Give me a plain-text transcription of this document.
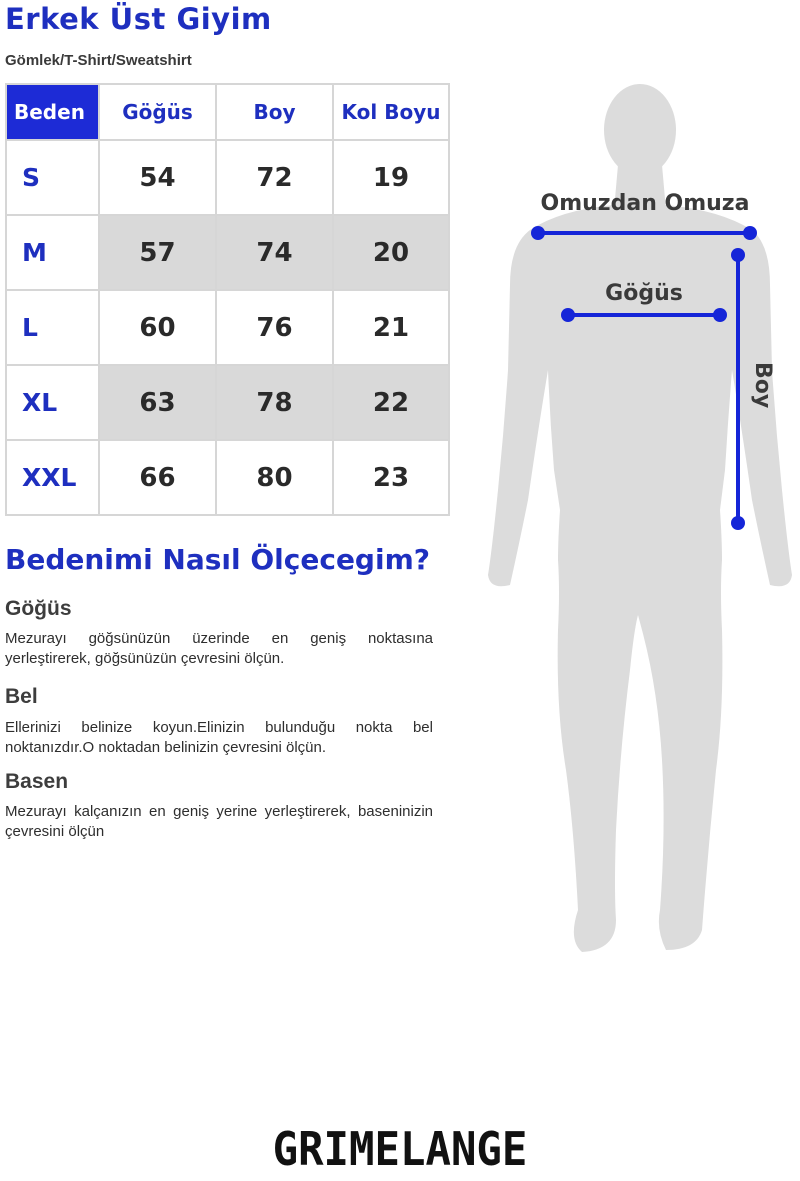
Erkek Üst Giyim
Gömlek/T-Shirt/Sweatshirt
Beden	Göğüs	Boy	Kol Boyu
S	54	72	19
M	57	74	20
L	60	76	21
XL	63	78	22
XXL	66	80	23
Bedenimi Nasıl Ölçecegim?
Göğüs

Mezurayı göğsünüzün üzerinde en geniş noktasına yerleştirerek, göğsünüzün çevresini ölçün.

Bel

Ellerinizi belinize koyun.Elinizin bulunduğu nokta bel noktanızdır.O noktadan belinizin çevresini ölçün.

Basen

Mezurayı kalçanızın en geniş yerine yerleştirerek, baseninizin çevresini ölçün

Omuzdan Omuza
Göğüs
Boy
GRIMELANGE
